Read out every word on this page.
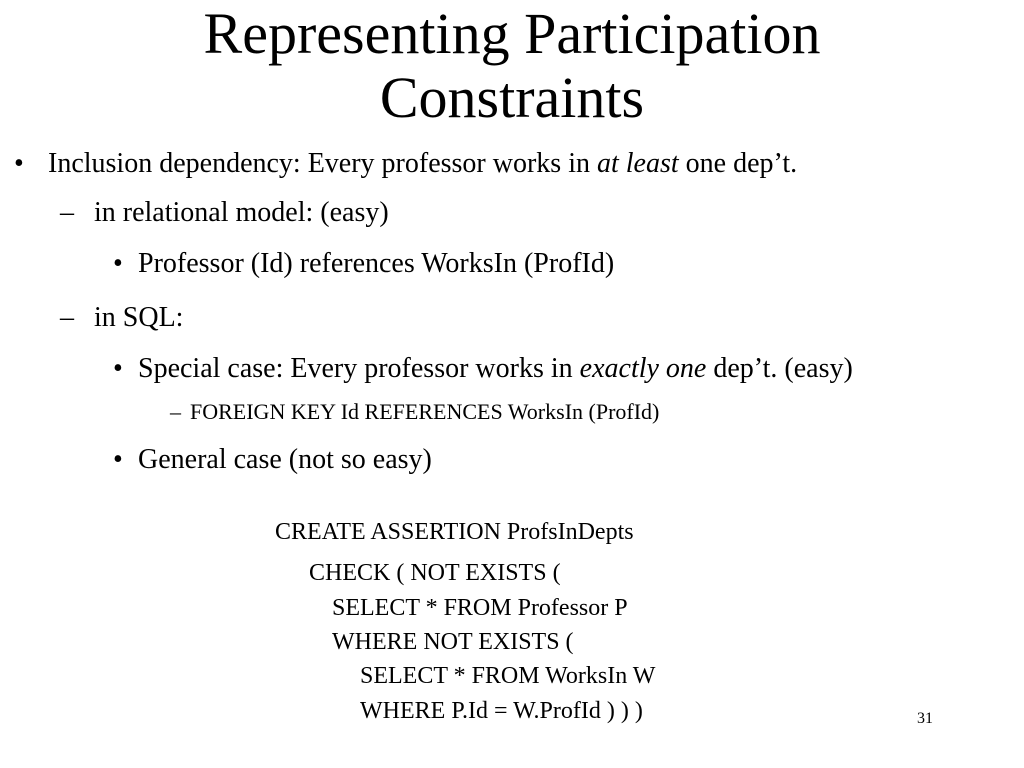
Representing Participation
Constraints
• Inclusion dependency: Every professor works in at least one dep’t.
– in relational model: (easy)
• Professor (Id) references WorksIn (ProfId)
– in SQL:
• Special case: Every professor works in exactly one dep’t. (easy)
– FOREIGN KEY Id REFERENCES WorksIn (ProfId)
• General case (not so easy)
CREATE ASSERTION ProfsInDepts
CHECK ( NOT EXISTS (
SELECT * FROM Professor P
WHERE NOT EXISTS (
SELECT * FROM WorksIn W
WHERE P.Id = W.ProfId ) ) )	31
